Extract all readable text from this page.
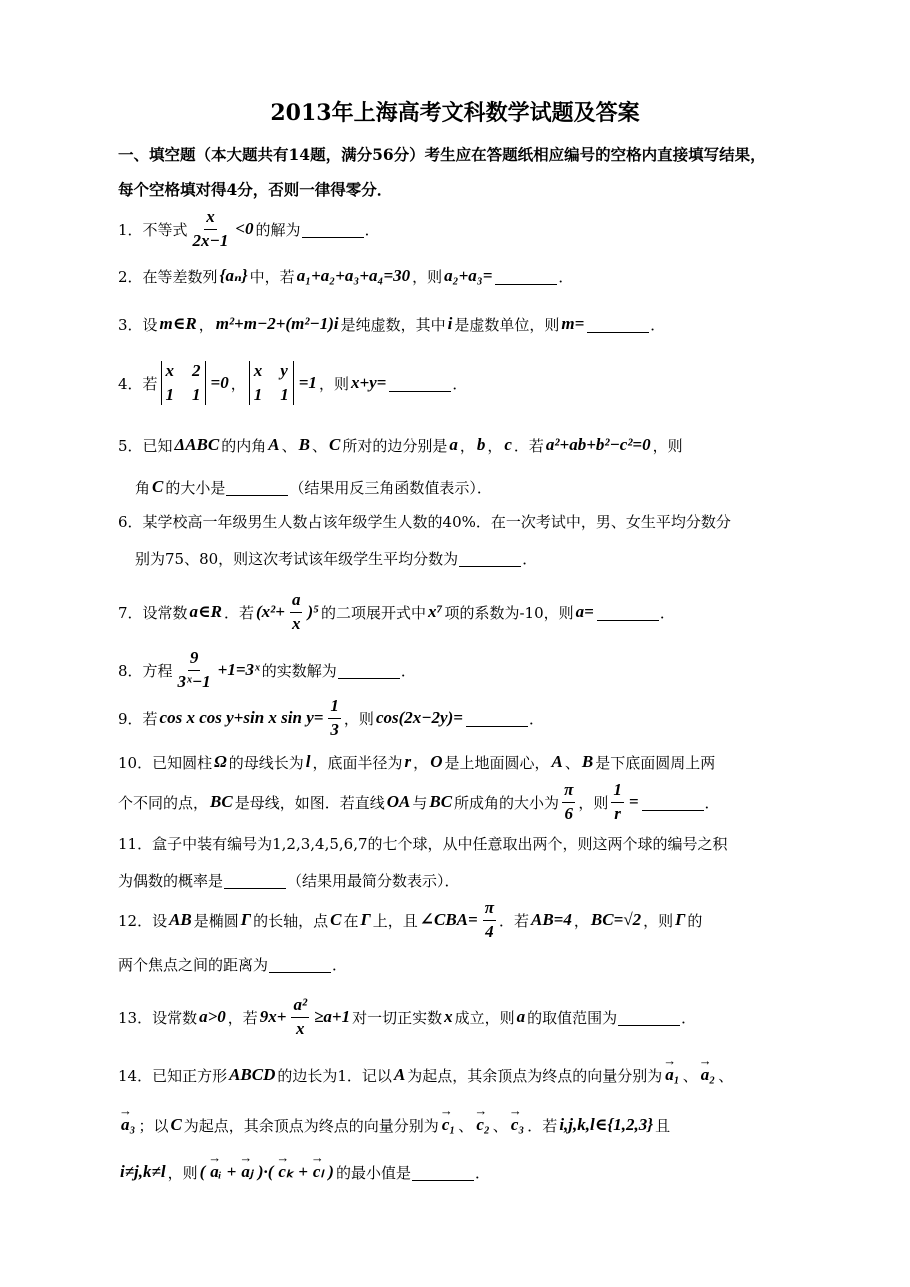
2013年上海高考文科数学试题及答案
一、填空题（本大题共有14题，满分56分）考生应在答题纸相应编号的空格内直接填写结果，
每个空格填对得4分，否则一律得零分．
1．不等式 $\frac{x}{2x-1} <0$ 的解为	．
2．在等差数列 {aₙ} 中，若 a₁+a₂+a₃+a₄=30 ，则 a₂+a₃=	．
3．设 m∈R ， m²+m−2+(m²−1)i 是纯虚数，其中 i 是虚数单位，则 m=	．
4．若
x 2
1 1
=0 ，
x y
1 1
=1 ，则 x+y=	．
5．已知 ΔABC 的内角 A 、 B 、 C 所对的边分别是 a ， b ， c ．若 a²+ab+b²−c²=0 ，则
角 C 的大小是	（结果用反三角函数值表示）．
6．某学校高一年级男生人数占该年级学生人数的40%．在一次考试中，男、女生平均分数分
别为75、80，则这次考试该年级学生平均分数为	．
7．设常数 a∈R ．若 $(x^2+ \frac{a}{x} )^5$ 的二项展开式中 x⁷ 项的系数为-10，则 a=	．
8．方程 $\frac{9}{\text{3ˣ−1}}$ +1=3ˣ 的实数解为	．
9．若 cos x cos y+sin x $\sin y= \frac{1}{3}$ ，则 cos(2x−2y)=	．
10．已知圆柱 Ω 的母线长为 l ，底面半径为 r ， O 是上地面圆心， A 、 B 是下底面圆周上两
个不同的点， BC 是母线，如图．若直线 OA 与 BC 所成角的大小为 $\frac{\pi}{6}$ ，则 $\frac{1}{r}$ =	．
11．盒子中装有编号为1,2,3,4,5,6,7的七个球，从中任意取出两个，则这两个球的编号之积
为偶数的概率是	（结果用最简分数表示）．
12．设 AB 是椭圆 Γ 的长轴，点 C 在 Γ 上，且 ∠CBA= $\frac{\pi}{4}$ ．若 AB=4 ， BC=√2 ，则 Γ 的
两个焦点之间的距离为	．
13．设常数 a>0 ，若 $9x+ \frac{\text{a²}}{x} \ge a+1$ 对一切正实数 x 成立，则 a 的取值范围为	．
14．已知正方形 ABCD 的边长为1．记以 A 为起点，其余顶点为终点的向量分别为 → a₁ 、 → a₂ 、
→ a₃ ；以 C 为起点，其余顶点为终点的向量分别为 → c₁ 、 → c₂ 、 → c₃ ．若 i,j,k,l∈{1,2,3} 且
i≠j,k≠l ，则 ( → aᵢ + → aⱼ )·( → cₖ + → cₗ ) 的最小值是	．
